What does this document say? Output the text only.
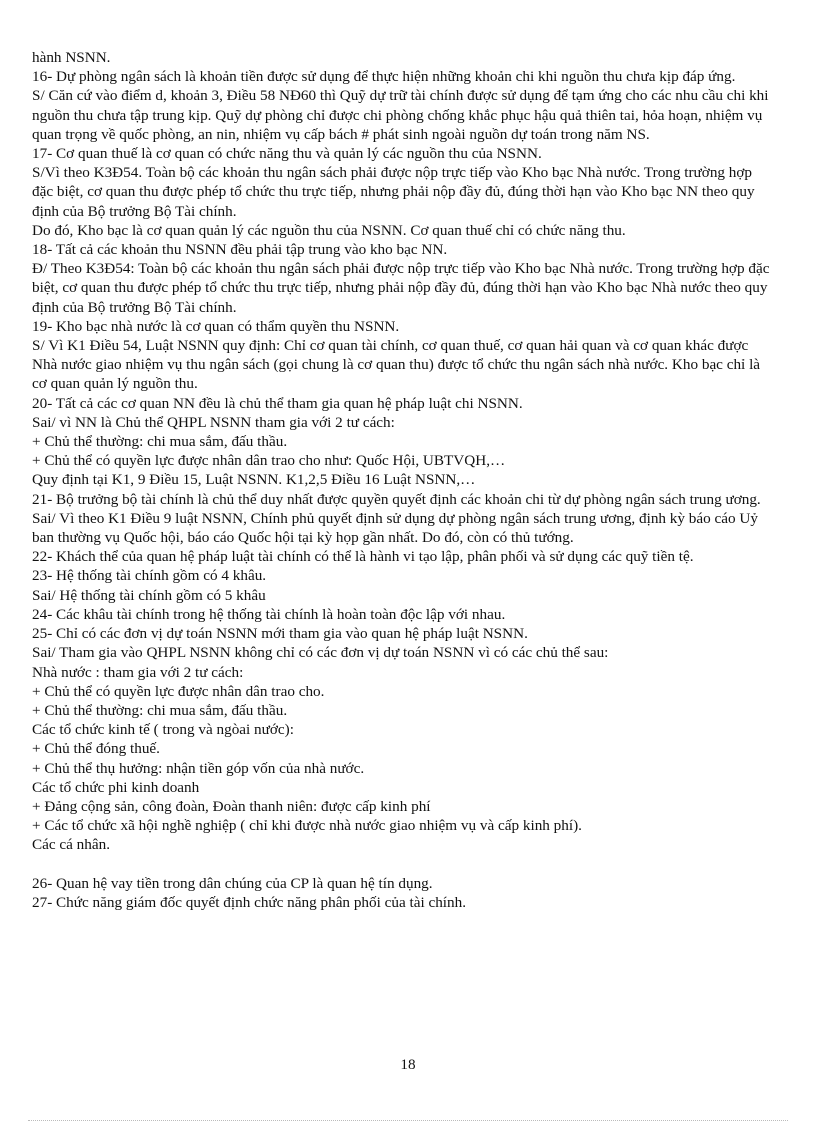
hành NSNN.
16- Dự phòng ngân sách là khoản tiền được sử dụng để thực hiện những khoản chi khi nguồn thu chưa kịp đáp ứng.
S/ Căn cứ vào điểm d, khoản 3, Điều 58 NĐ60 thì Quỹ dự trữ tài chính được sử dụng để tạm ứng cho các nhu cầu chi khi nguồn thu chưa tập trung kịp. Quỹ dự phòng chỉ được chi phòng chống khắc phục hậu quả thiên tai, hỏa hoạn, nhiệm vụ quan trọng về quốc phòng, an nin, nhiệm vụ cấp bách # phát sinh ngoài nguồn dự toán trong năm NS.
17- Cơ quan thuế là cơ quan có chức năng thu và quản lý các nguồn thu của NSNN.
S/Vì theo K3Đ54. Toàn bộ các khoản thu ngân sách phải được nộp trực tiếp vào Kho bạc Nhà nước. Trong trường hợp đặc biệt, cơ quan thu được phép tổ chức thu trực tiếp, nhưng phải nộp đầy đủ, đúng thời hạn vào Kho bạc NN theo quy định của Bộ trưởng Bộ Tài chính.
Do đó, Kho bạc là cơ quan quản lý các nguồn thu của NSNN. Cơ quan thuế chỉ có chức năng thu.
18- Tất cả các khoản thu NSNN đều phải tập trung vào kho bạc NN.
Đ/ Theo K3Đ54: Toàn bộ các khoản thu ngân sách phải được nộp trực tiếp vào Kho bạc Nhà nước. Trong trường hợp đặc biệt, cơ quan thu được phép tổ chức thu trực tiếp, nhưng phải nộp đầy đủ, đúng thời hạn vào Kho bạc Nhà nước theo quy định của Bộ trưởng Bộ Tài chính.
19- Kho bạc nhà nước là cơ quan có thẩm quyền thu NSNN.
S/ Vì K1 Điều 54, Luật NSNN quy định: Chỉ cơ quan tài chính, cơ quan thuế, cơ quan hải quan và cơ quan khác được Nhà nước giao nhiệm vụ thu ngân sách (gọi chung là cơ quan thu) được tổ chức thu ngân sách nhà nước. Kho bạc chỉ là cơ quan quản lý nguồn thu.
20- Tất cả các cơ quan NN đều là chủ thể tham gia quan hệ pháp luật chi NSNN.
Sai/ vì NN là Chủ thể QHPL NSNN tham gia với 2 tư cách:
+ Chủ thể thường: chi mua sắm, đấu thầu.
+ Chủ thể có quyền lực được nhân dân trao cho như: Quốc Hội, UBTVQH,…
Quy định tại K1, 9 Điều 15, Luật NSNN. K1,2,5 Điều 16 Luật NSNN,…
21- Bộ trưởng bộ tài chính là chủ thể duy nhất được quyền quyết định các khoản chi từ dự phòng ngân sách trung ương.
Sai/ Vì theo K1 Điều 9 luật NSNN, Chính phủ quyết định sử dụng dự phòng ngân sách trung ương, định kỳ báo cáo Uỷ ban thường vụ Quốc hội, báo cáo Quốc hội tại kỳ họp gần nhất. Do đó, còn có thủ tướng.
22- Khách thể của quan hệ pháp luật tài chính có thể là hành vi tạo lập, phân phối và sử dụng các quỹ tiền tệ.
23- Hệ thống tài chính gồm có 4 khâu.
Sai/ Hệ thống tài chính gồm có 5 khâu
24- Các khâu tài chính trong hệ thống tài chính là hoàn toàn độc lập với nhau.
25- Chỉ có các đơn vị dự toán NSNN mới tham gia vào quan hệ pháp luật NSNN.
Sai/ Tham gia vào QHPL NSNN không chỉ có các đơn vị dự toán NSNN vì có các chủ thể sau:
Nhà nước : tham gia với 2 tư cách:
+ Chủ thể có quyền lực được nhân dân trao cho.
+ Chủ thể thường: chi mua sắm, đấu thầu.
Các tổ chức kinh tế ( trong và ngòai nước):
+ Chủ thể đóng thuế.
+ Chủ thể thụ hưởng: nhận tiền góp vốn của nhà nước.
Các tổ chức phi kinh doanh
+ Đảng cộng sản, công đoàn, Đoàn thanh niên: được cấp kinh phí
+ Các tổ chức xã hội nghề nghiệp ( chỉ khi được nhà nước giao nhiệm vụ và cấp kinh phí).
Các cá nhân.
26- Quan hệ vay tiền trong dân chúng của CP là quan hệ tín dụng.
27- Chức năng giám đốc quyết định chức năng phân phối của tài chính.
18
